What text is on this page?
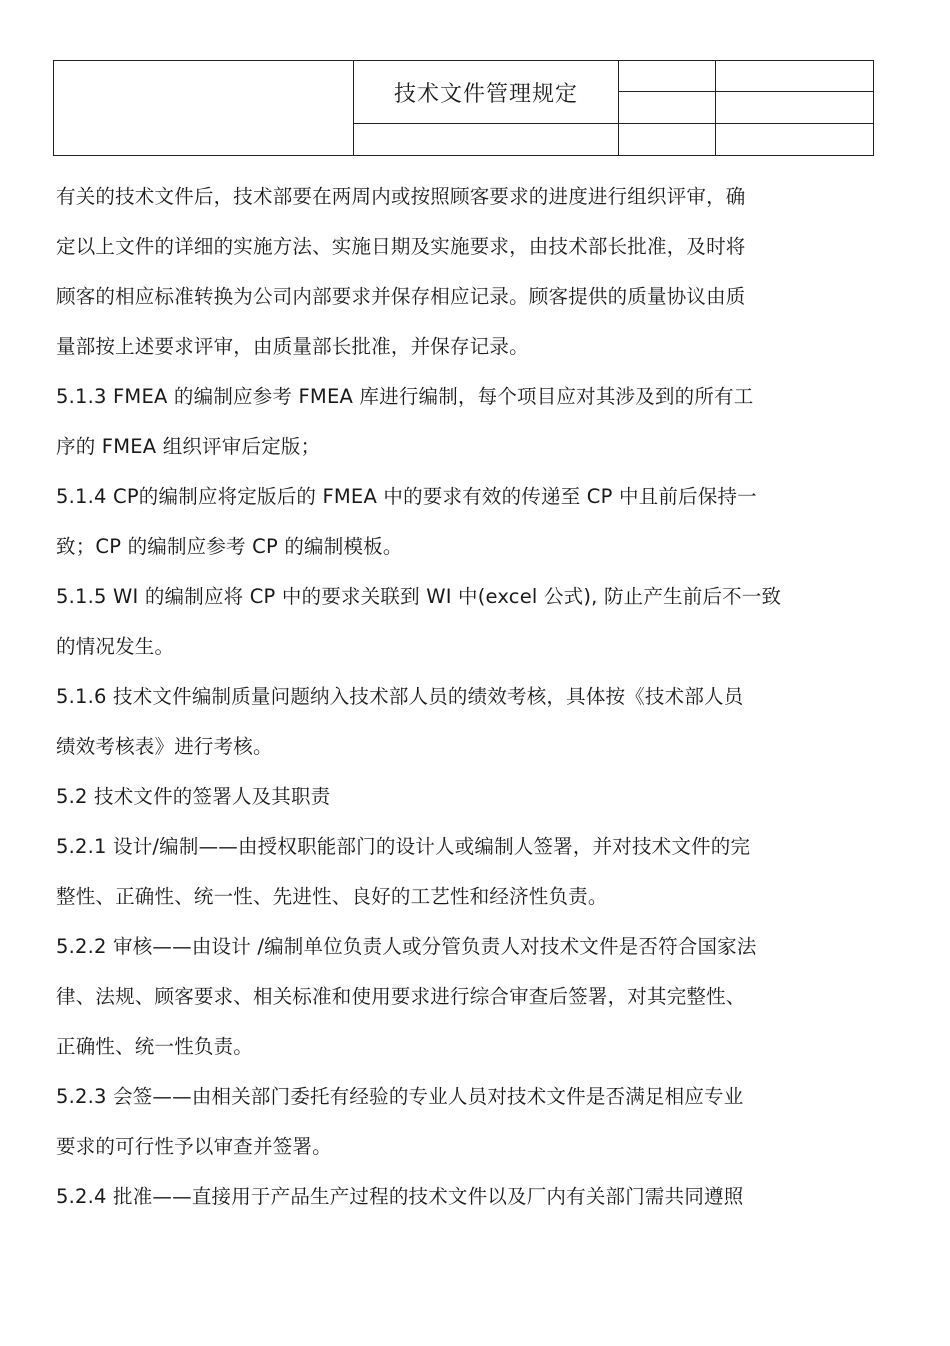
	技术文件管理规定		

有关的技术文件后，技术部要在两周内或按照顾客要求的进度进行组织评审，确
定以上文件的详细的实施方法、实施日期及实施要求，由技术部长批准，及时将
顾客的相应标准转换为公司内部要求并保存相应记录。顾客提供的质量协议由质
量部按上述要求评审，由质量部长批准，并保存记录。
5.1.3 FMEA 的编制应参考 FMEA 库进行编制，每个项目应对其涉及到的所有工
序的 FMEA 组织评审后定版；
5.1.4 CP的编制应将定版后的 FMEA 中的要求有效的传递至 CP 中且前后保持一
致；CP 的编制应参考 CP 的编制模板。
5.1.5 WI 的编制应将 CP 中的要求关联到 WI 中(excel 公式), 防止产生前后不一致
的情况发生。
5.1.6 技术文件编制质量问题纳入技术部人员的绩效考核，具体按《技术部人员
绩效考核表》进行考核。
5.2 技术文件的签署人及其职责
5.2.1 设计/编制——由授权职能部门的设计人或编制人签署，并对技术文件的完
整性、正确性、统一性、先进性、良好的工艺性和经济性负责。
5.2.2 审核——由设计 /编制单位负责人或分管负责人对技术文件是否符合国家法
律、法规、顾客要求、相关标准和使用要求进行综合审查后签署，对其完整性、
正确性、统一性负责。
5.2.3 会签——由相关部门委托有经验的专业人员对技术文件是否满足相应专业
要求的可行性予以审查并签署。
5.2.4 批准——直接用于产品生产过程的技术文件以及厂内有关部门需共同遵照
